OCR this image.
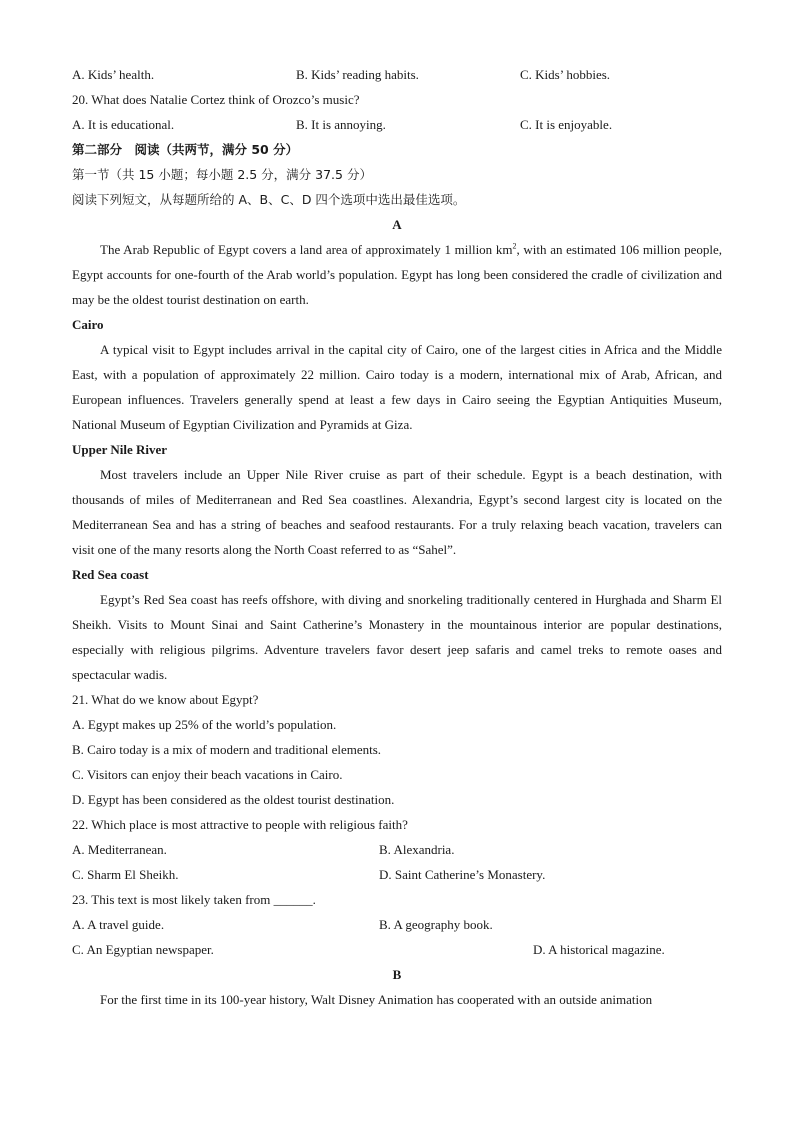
A. Kids’ health.	B. Kids’ reading habits.	C. Kids’ hobbies.
20. What does Natalie Cortez think of Orozco’s music?
A. It is educational.	B. It is annoying.	C. It is enjoyable.
第二部分　阅读（共两节，满分 50 分）
第一节（共 15 小题；每小题 2.5 分，满分 37.5 分）
阅读下列短文，从每题所给的 A、B、C、D 四个选项中选出最佳选项。
A

The Arab Republic of Egypt covers a land area of approximately 1 million $km^2$, with an estimated 106 million people, Egypt accounts for one-fourth of the Arab world’s population. Egypt has long been considered the cradle of civilization and may be the oldest tourist destination on earth.

Cairo

A typical visit to Egypt includes arrival in the capital city of Cairo, one of the largest cities in Africa and the Middle East, with a population of approximately 22 million. Cairo today is a modern, international mix of Arab, African, and European influences. Travelers generally spend at least a few days in Cairo seeing the Egyptian Antiquities Museum, National Museum of Egyptian Civilization and Pyramids at Giza.

Upper Nile River

Most travelers include an Upper Nile River cruise as part of their schedule. Egypt is a beach destination, with thousands of miles of Mediterranean and Red Sea coastlines. Alexandria, Egypt’s second largest city is located on the Mediterranean Sea and has a string of beaches and seafood restaurants. For a truly relaxing beach vacation, travelers can visit one of the many resorts along the North Coast referred to as “Sahel”.

Red Sea coast

Egypt’s Red Sea coast has reefs offshore, with diving and snorkeling traditionally centered in Hurghada and Sharm El Sheikh. Visits to Mount Sinai and Saint Catherine’s Monastery in the mountainous interior are popular destinations, especially with religious pilgrims. Adventure travelers favor desert jeep safaris and camel treks to remote oases and spectacular wadis.

21. What do we know about Egypt?
A. Egypt makes up 25% of the world’s population.
B. Cairo today is a mix of modern and traditional elements.
C. Visitors can enjoy their beach vacations in Cairo.
D. Egypt has been considered as the oldest tourist destination.
22. Which place is most attractive to people with religious faith?
A. Mediterranean.	B. Alexandria.
C. Sharm El Sheikh.	D. Saint Catherine’s Monastery.
23. This text is most likely taken from ______.
A. A travel guide.	B. A geography book.
C. An Egyptian newspaper.	D. A historical magazine.
B

For the first time in its 100-year history, Walt Disney Animation has cooperated with an outside animation
